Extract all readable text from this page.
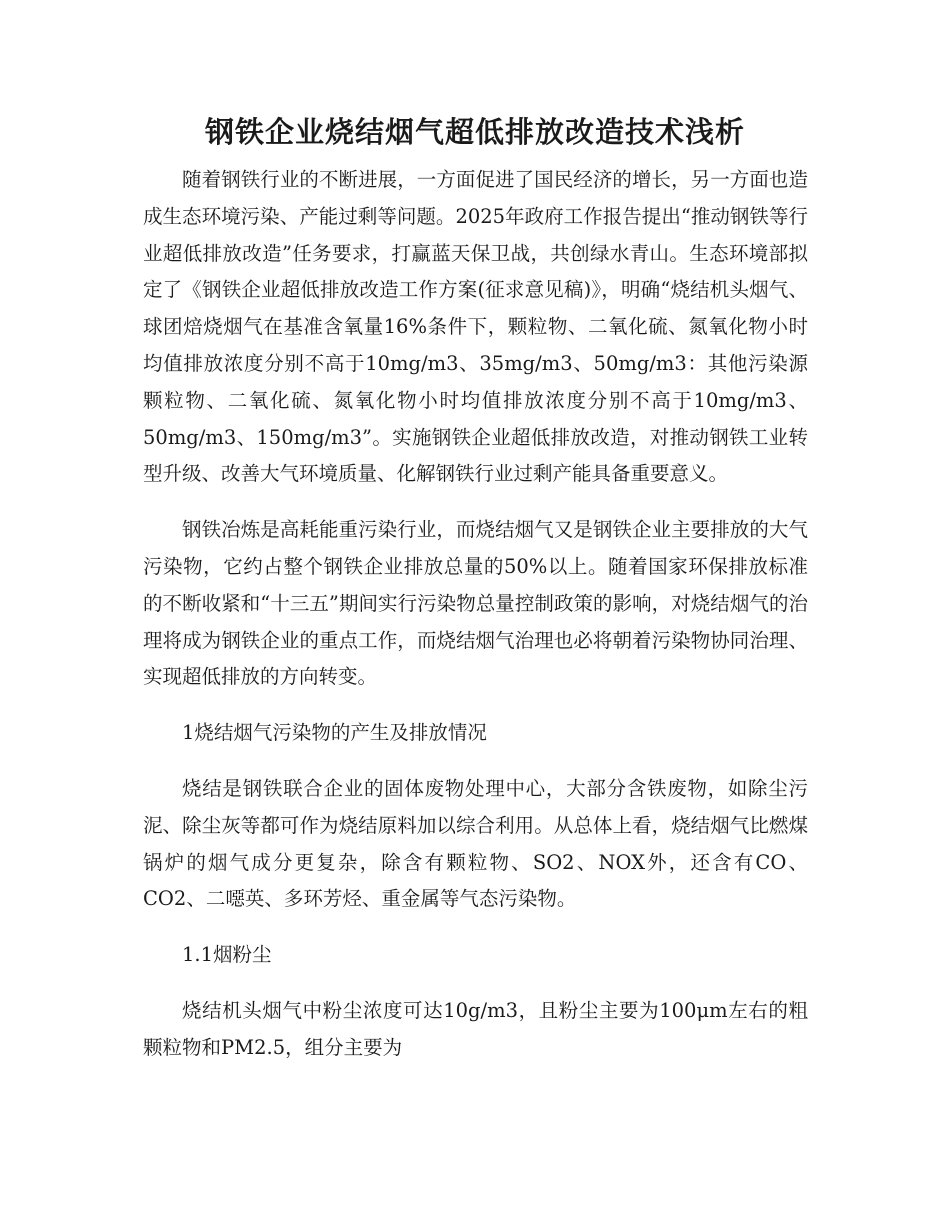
钢铁企业烧结烟气超低排放改造技术浅析

随着钢铁行业的不断进展，一方面促进了国民经济的增长，另一方面也造成生态环境污染、产能过剩等问题。2025年政府工作报告提出“推动钢铁等行业超低排放改造”任务要求，打赢蓝天保卫战，共创绿水青山。生态环境部拟定了《钢铁企业超低排放改造工作方案(征求意见稿)》，明确“烧结机头烟气、球团焙烧烟气在基准含氧量16%条件下，颗粒物、二氧化硫、氮氧化物小时均值排放浓度分别不高于10mg/m3、35mg/m3、50mg/m3：其他污染源颗粒物、二氧化硫、氮氧化物小时均值排放浓度分别不高于10mg/m3、50mg/m3、150mg/m3”。实施钢铁企业超低排放改造，对推动钢铁工业转型升级、改善大气环境质量、化解钢铁行业过剩产能具备重要意义。

钢铁冶炼是高耗能重污染行业，而烧结烟气又是钢铁企业主要排放的大气污染物，它约占整个钢铁企业排放总量的50%以上。随着国家环保排放标准的不断收紧和“十三五”期间实行污染物总量控制政策的影响，对烧结烟气的治理将成为钢铁企业的重点工作，而烧结烟气治理也必将朝着污染物协同治理、实现超低排放的方向转变。

1烧结烟气污染物的产生及排放情况

烧结是钢铁联合企业的固体废物处理中心，大部分含铁废物，如除尘污泥、除尘灰等都可作为烧结原料加以综合利用。从总体上看，烧结烟气比燃煤锅炉的烟气成分更复杂，除含有颗粒物、SO2、NOX外，还含有CO、CO2、二噁英、多环芳烃、重金属等气态污染物。

1.1烟粉尘

烧结机头烟气中粉尘浓度可达10g/m3，且粉尘主要为100μm左右的粗颗粒物和PM2.5，组分主要为
